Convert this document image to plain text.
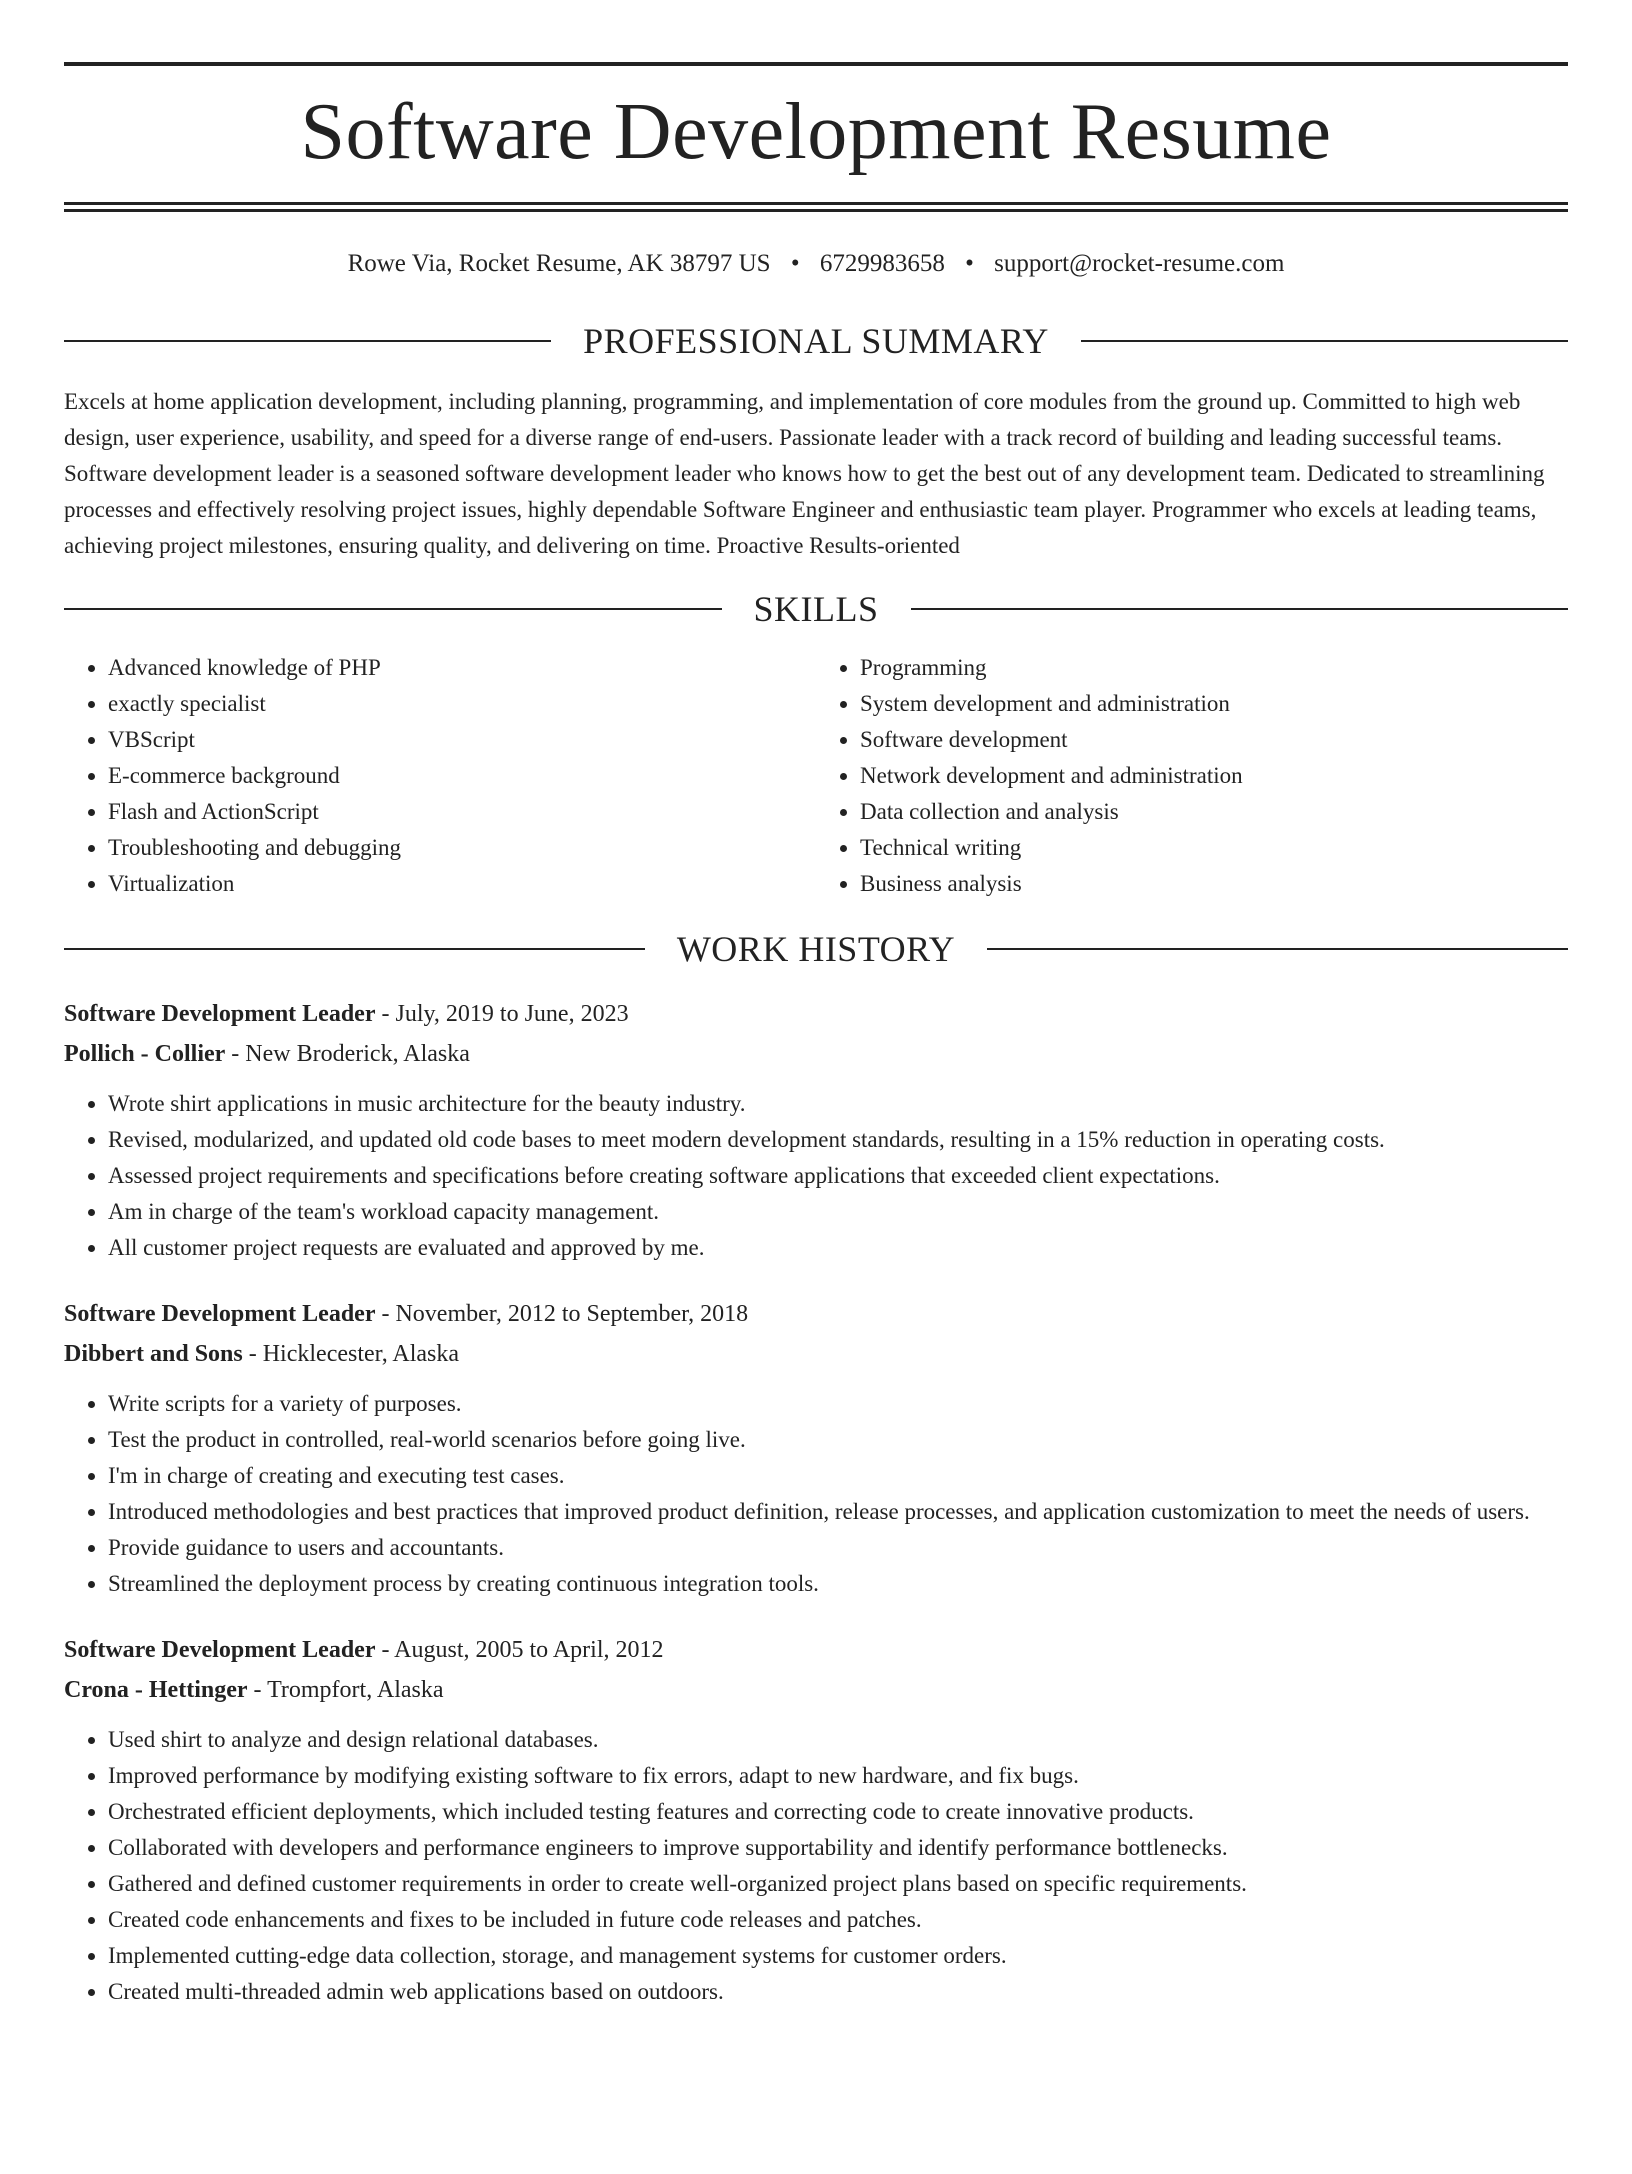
Software Development Resume
Rowe Via, Rocket Resume, AK 38797 US • 6729983658 • support@rocket-resume.com
PROFESSIONAL SUMMARY

Excels at home application development, including planning, programming, and implementation of core modules from the ground up. Committed to high web design, user experience, usability, and speed for a diverse range of end-users. Passionate leader with a track record of building and leading successful teams. Software development leader is a seasoned software development leader who knows how to get the best out of any development team. Dedicated to streamlining processes and effectively resolving project issues, highly dependable Software Engineer and enthusiastic team player. Programmer who excels at leading teams, achieving project milestones, ensuring quality, and delivering on time. Proactive Results-oriented

SKILLS
• Advanced knowledge of PHP
• exactly specialist
• VBScript
• E-commerce background
• Flash and ActionScript
• Troubleshooting and debugging
• Virtualization
• Programming
• System development and administration
• Software development
• Network development and administration
• Data collection and analysis
• Technical writing
• Business analysis
WORK HISTORY
Software Development Leader - July, 2019 to June, 2023
Pollich - Collier - New Broderick, Alaska
• Wrote shirt applications in music architecture for the beauty industry.
• Revised, modularized, and updated old code bases to meet modern development standards, resulting in a 15% reduction in operating costs.
• Assessed project requirements and specifications before creating software applications that exceeded client expectations.
• Am in charge of the team's workload capacity management.
• All customer project requests are evaluated and approved by me.
Software Development Leader - November, 2012 to September, 2018
Dibbert and Sons - Hicklecester, Alaska
• Write scripts for a variety of purposes.
• Test the product in controlled, real-world scenarios before going live.
• I'm in charge of creating and executing test cases.
• Introduced methodologies and best practices that improved product definition, release processes, and application customization to meet the needs of users.
• Provide guidance to users and accountants.
• Streamlined the deployment process by creating continuous integration tools.
Software Development Leader - August, 2005 to April, 2012
Crona - Hettinger - Trompfort, Alaska
• Used shirt to analyze and design relational databases.
• Improved performance by modifying existing software to fix errors, adapt to new hardware, and fix bugs.
• Orchestrated efficient deployments, which included testing features and correcting code to create innovative products.
• Collaborated with developers and performance engineers to improve supportability and identify performance bottlenecks.
• Gathered and defined customer requirements in order to create well-organized project plans based on specific requirements.
• Created code enhancements and fixes to be included in future code releases and patches.
• Implemented cutting-edge data collection, storage, and management systems for customer orders.
• Created multi-threaded admin web applications based on outdoors.
